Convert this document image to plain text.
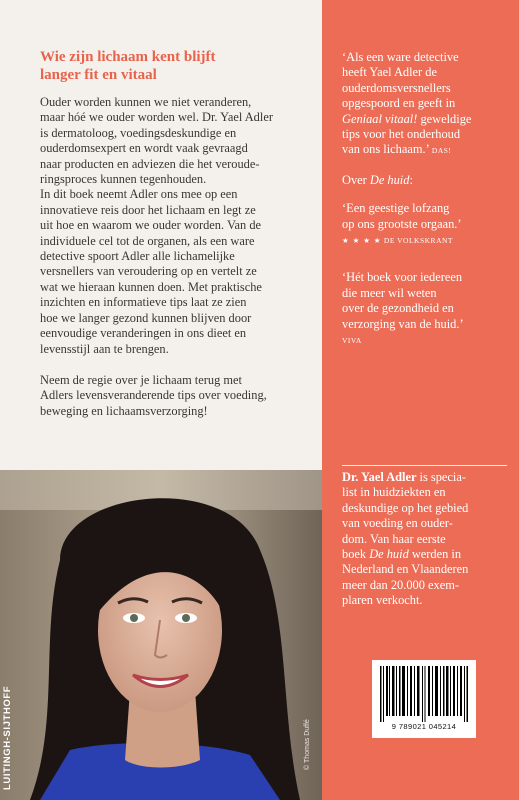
Wie zijn lichaam kent blijft
langer fit en vitaal

Ouder worden kunnen we niet veranderen,
maar hóé we ouder worden wel. Dr. Yael Adler
is dermatoloog, voedingsdeskundige en
ouderdomsexpert en wordt vaak gevraagd
naar producten en adviezen die het veroude-
ringsproces kunnen tegenhouden.
In dit boek neemt Adler ons mee op een
innovatieve reis door het lichaam en legt ze
uit hoe en waarom we ouder worden. Van de
individuele cel tot de organen, als een ware
detective spoort Adler alle lichamelijke
versnellers van veroudering op en vertelt ze
wat we hieraan kunnen doen. Met praktische
inzichten en informatieve tips laat ze zien
hoe we langer gezond kunnen blijven door
eenvoudige veranderingen in ons dieet en
levensstijl aan te brengen.

Neem de regie over je lichaam terug met
Adlers levensveranderende tips over voeding,
beweging en lichaamsverzorging!

LUITINGH-SIJTHOFF	© Thomas Duffé

‘Als een ware detective
heeft Yael Adler de
ouderdomsversnellers
opgespoord en geeft in
Geniaal vitaal! geweldige
tips voor het onderhoud
van ons lichaam.’ DAS!

Over De huid:

‘Een geestige lofzang
op ons grootste orgaan.’
★ ★ ★ ★ DE VOLKSKRANT

‘Hét boek voor iedereen
die meer wil weten
over de gezondheid en
verzorging van de huid.’
VIVA

Dr. Yael Adler is specia-
list in huidziekten en
deskundige op het gebied
van voeding en ouder-
dom. Van haar eerste
boek De huid werden in
Nederland en Vlaanderen
meer dan 20.000 exem-
plaren verkocht.

9 789021 045214
